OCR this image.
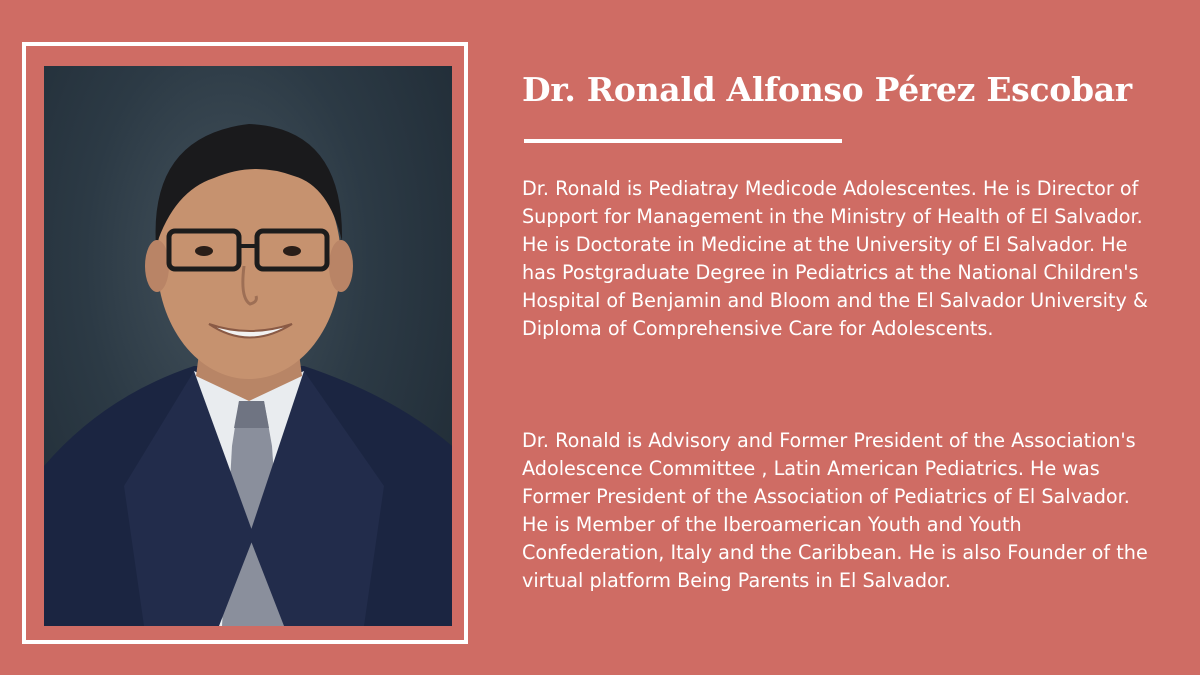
Dr. Ronald Alfonso Pérez Escobar

Dr. Ronald is Pediatray Medicode Adolescentes. He is Director of Support for Management in the Ministry of Health of El Salvador. He is Doctorate in Medicine at the University of El Salvador. He has Postgraduate Degree in Pediatrics at the National Children's Hospital of Benjamin and Bloom and the El Salvador University & Diploma of Comprehensive Care for Adolescents.

Dr. Ronald is Advisory and Former President of the Association's Adolescence Committee , Latin American Pediatrics. He was Former President of the Association of Pediatrics of El Salvador. He is Member of the Iberoamerican Youth and Youth Confederation, Italy and the Caribbean. He is also Founder of the virtual platform Being Parents in El Salvador.
